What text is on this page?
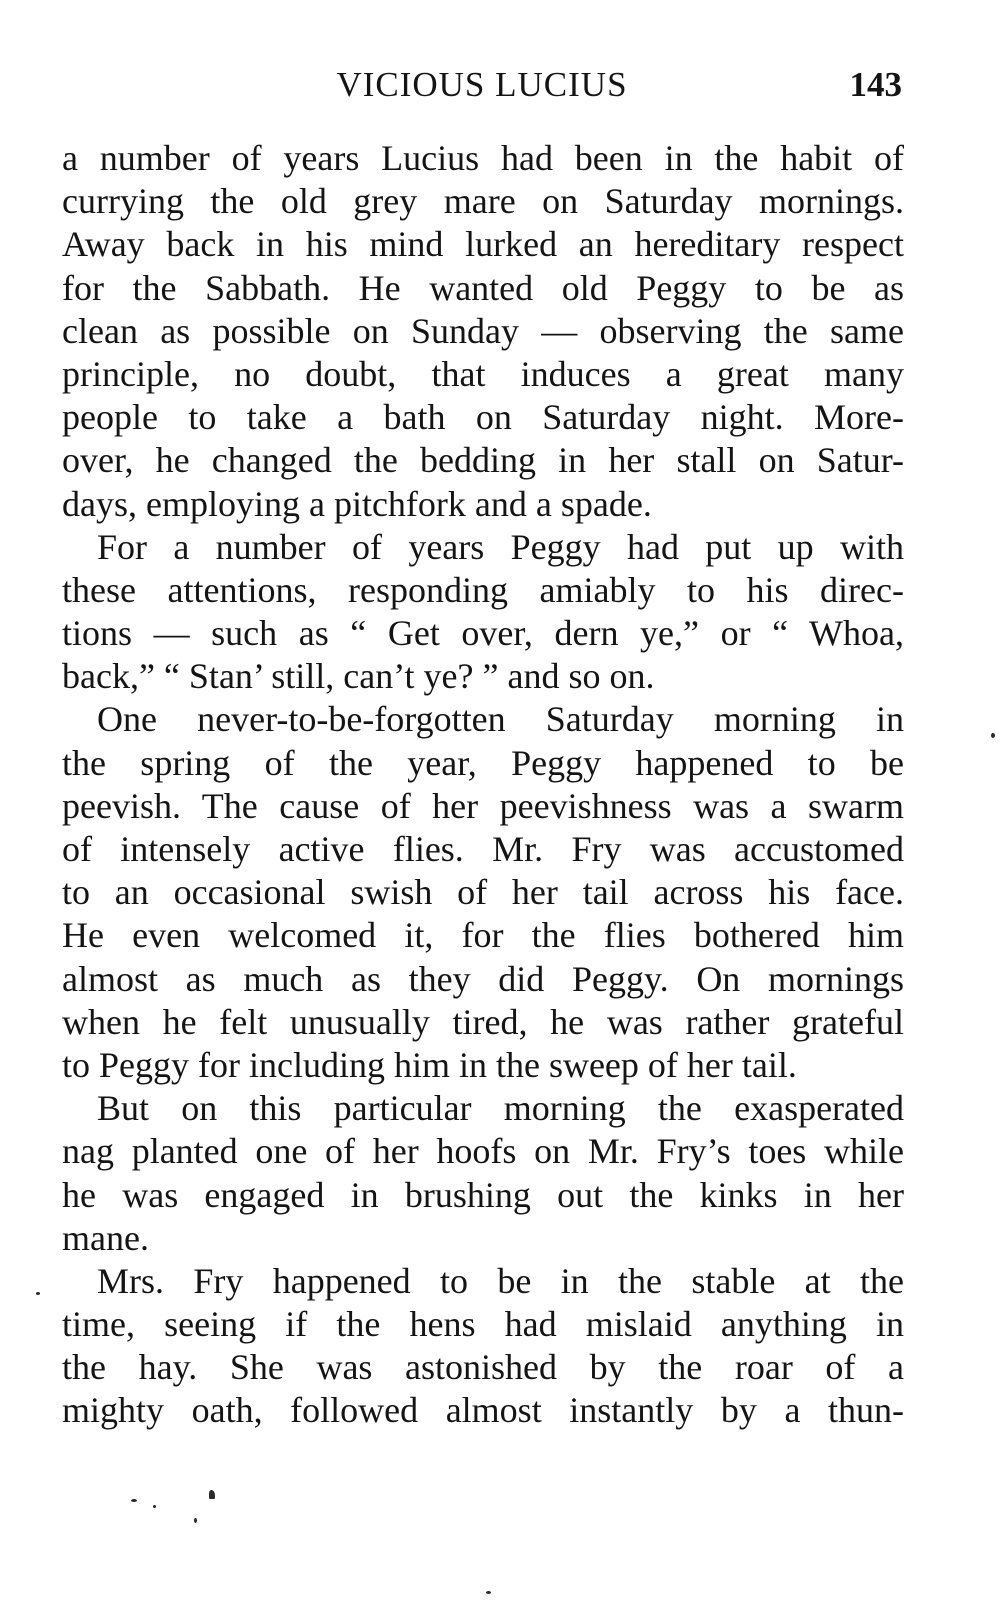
VICIOUS LUCIUS	143
a number of years Lucius had been in the habit of
currying the old grey mare on Saturday mornings.
Away back in his mind lurked an hereditary respect
for the Sabbath. He wanted old Peggy to be as
clean as possible on Sunday — observing the same
principle, no doubt, that induces a great many
people to take a bath on Saturday night. More-
over, he changed the bedding in her stall on Satur-
days, employing a pitchfork and a spade.
For a number of years Peggy had put up with
these attentions, responding amiably to his direc-
tions — such as “ Get over, dern ye,” or “ Whoa,
back,” “ Stan’ still, can’t ye? ” and so on.
One never-to-be-forgotten Saturday morning in
the spring of the year, Peggy happened to be
peevish. The cause of her peevishness was a swarm
of intensely active flies. Mr. Fry was accustomed
to an occasional swish of her tail across his face.
He even welcomed it, for the flies bothered him
almost as much as they did Peggy. On mornings
when he felt unusually tired, he was rather grateful
to Peggy for including him in the sweep of her tail.
But on this particular morning the exasperated
nag planted one of her hoofs on Mr. Fry’s toes while
he was engaged in brushing out the kinks in her
mane.
Mrs. Fry happened to be in the stable at the
time, seeing if the hens had mislaid anything in
the hay. She was astonished by the roar of a
mighty oath, followed almost instantly by a thun-
